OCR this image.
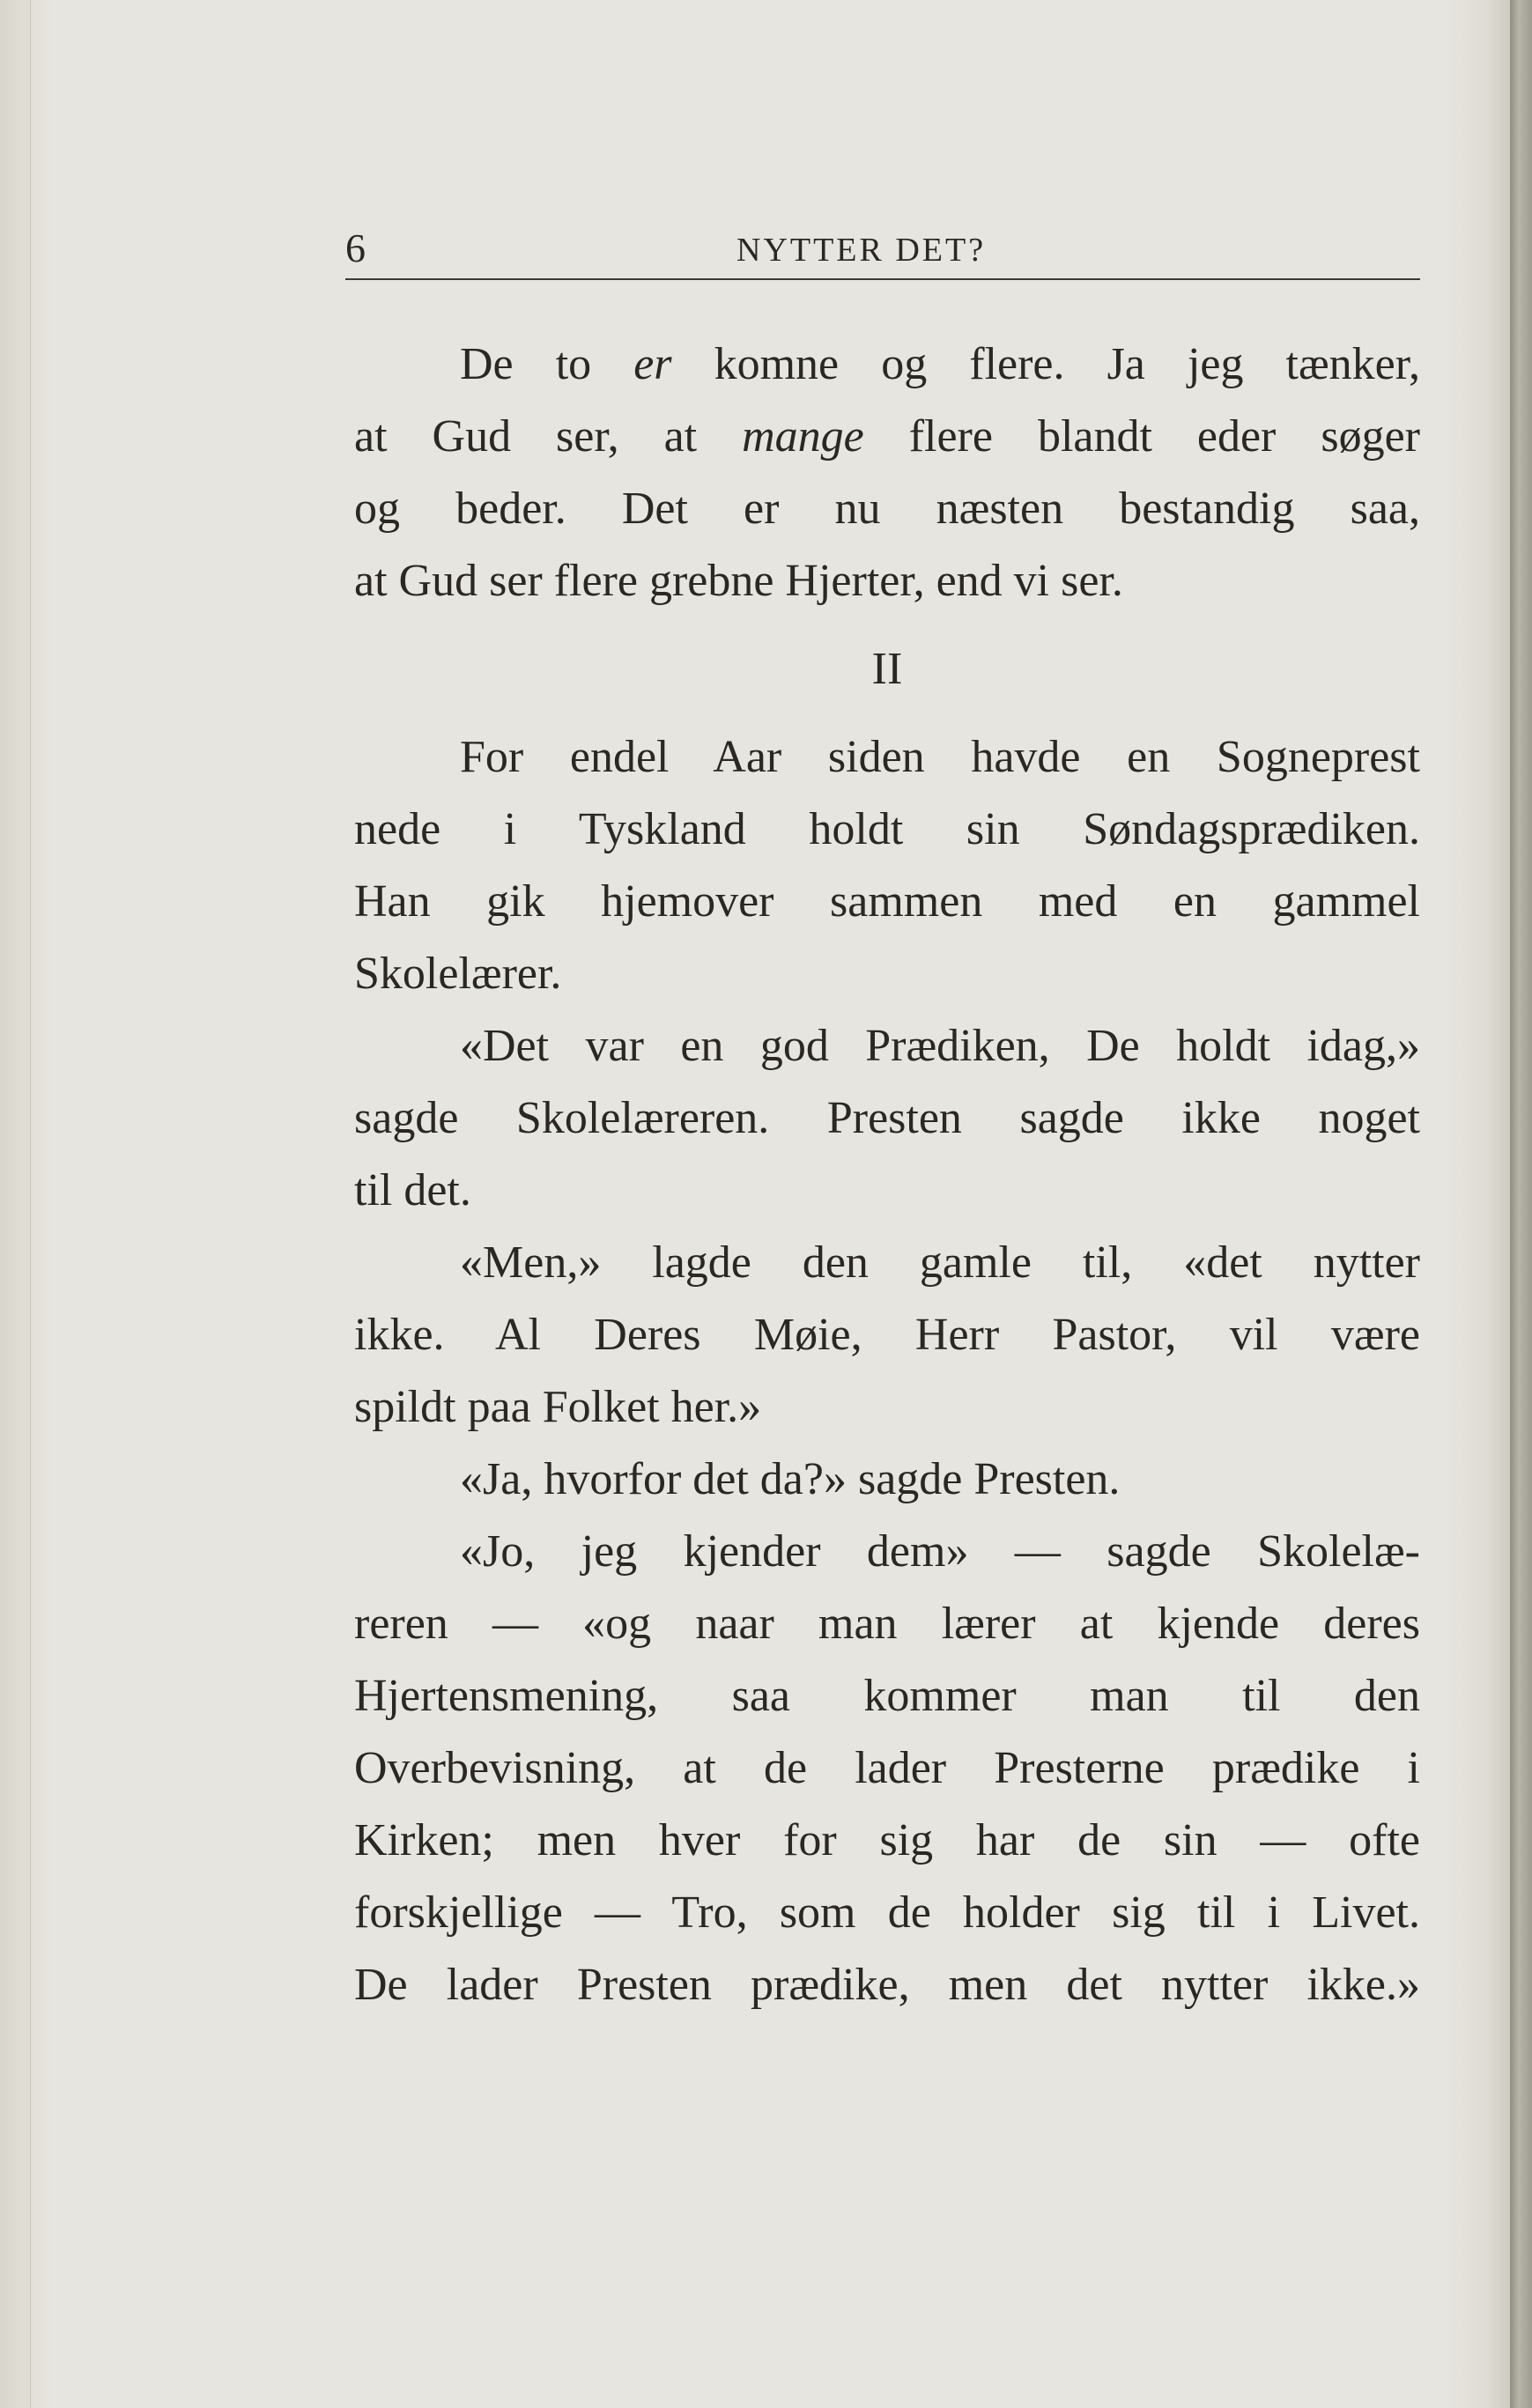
6	NYTTER DET?
De to er komne og flere. Ja jeg tænker,
at Gud ser, at mange flere blandt eder søger
og beder. Det er nu næsten bestandig saa,
at Gud ser flere grebne Hjerter, end vi ser.
II
For endel Aar siden havde en Sogneprest
nede i Tyskland holdt sin Søndagsprædiken.
Han gik hjemover sammen med en gammel
Skolelærer.
«Det var en god Prædiken, De holdt idag,»
sagde Skolelæreren. Presten sagde ikke noget
til det.
«Men,» lagde den gamle til, «det nytter
ikke. Al Deres Møie, Herr Pastor, vil være
spildt paa Folket her.»
«Ja, hvorfor det da?» sagde Presten.
«Jo, jeg kjender dem» — sagde Skolelæ-
reren — «og naar man lærer at kjende deres
Hjertensmening, saa kommer man til den
Overbevisning, at de lader Presterne prædike i
Kirken; men hver for sig har de sin — ofte
forskjellige — Tro, som de holder sig til i Livet.
De lader Presten prædike, men det nytter ikke.»
